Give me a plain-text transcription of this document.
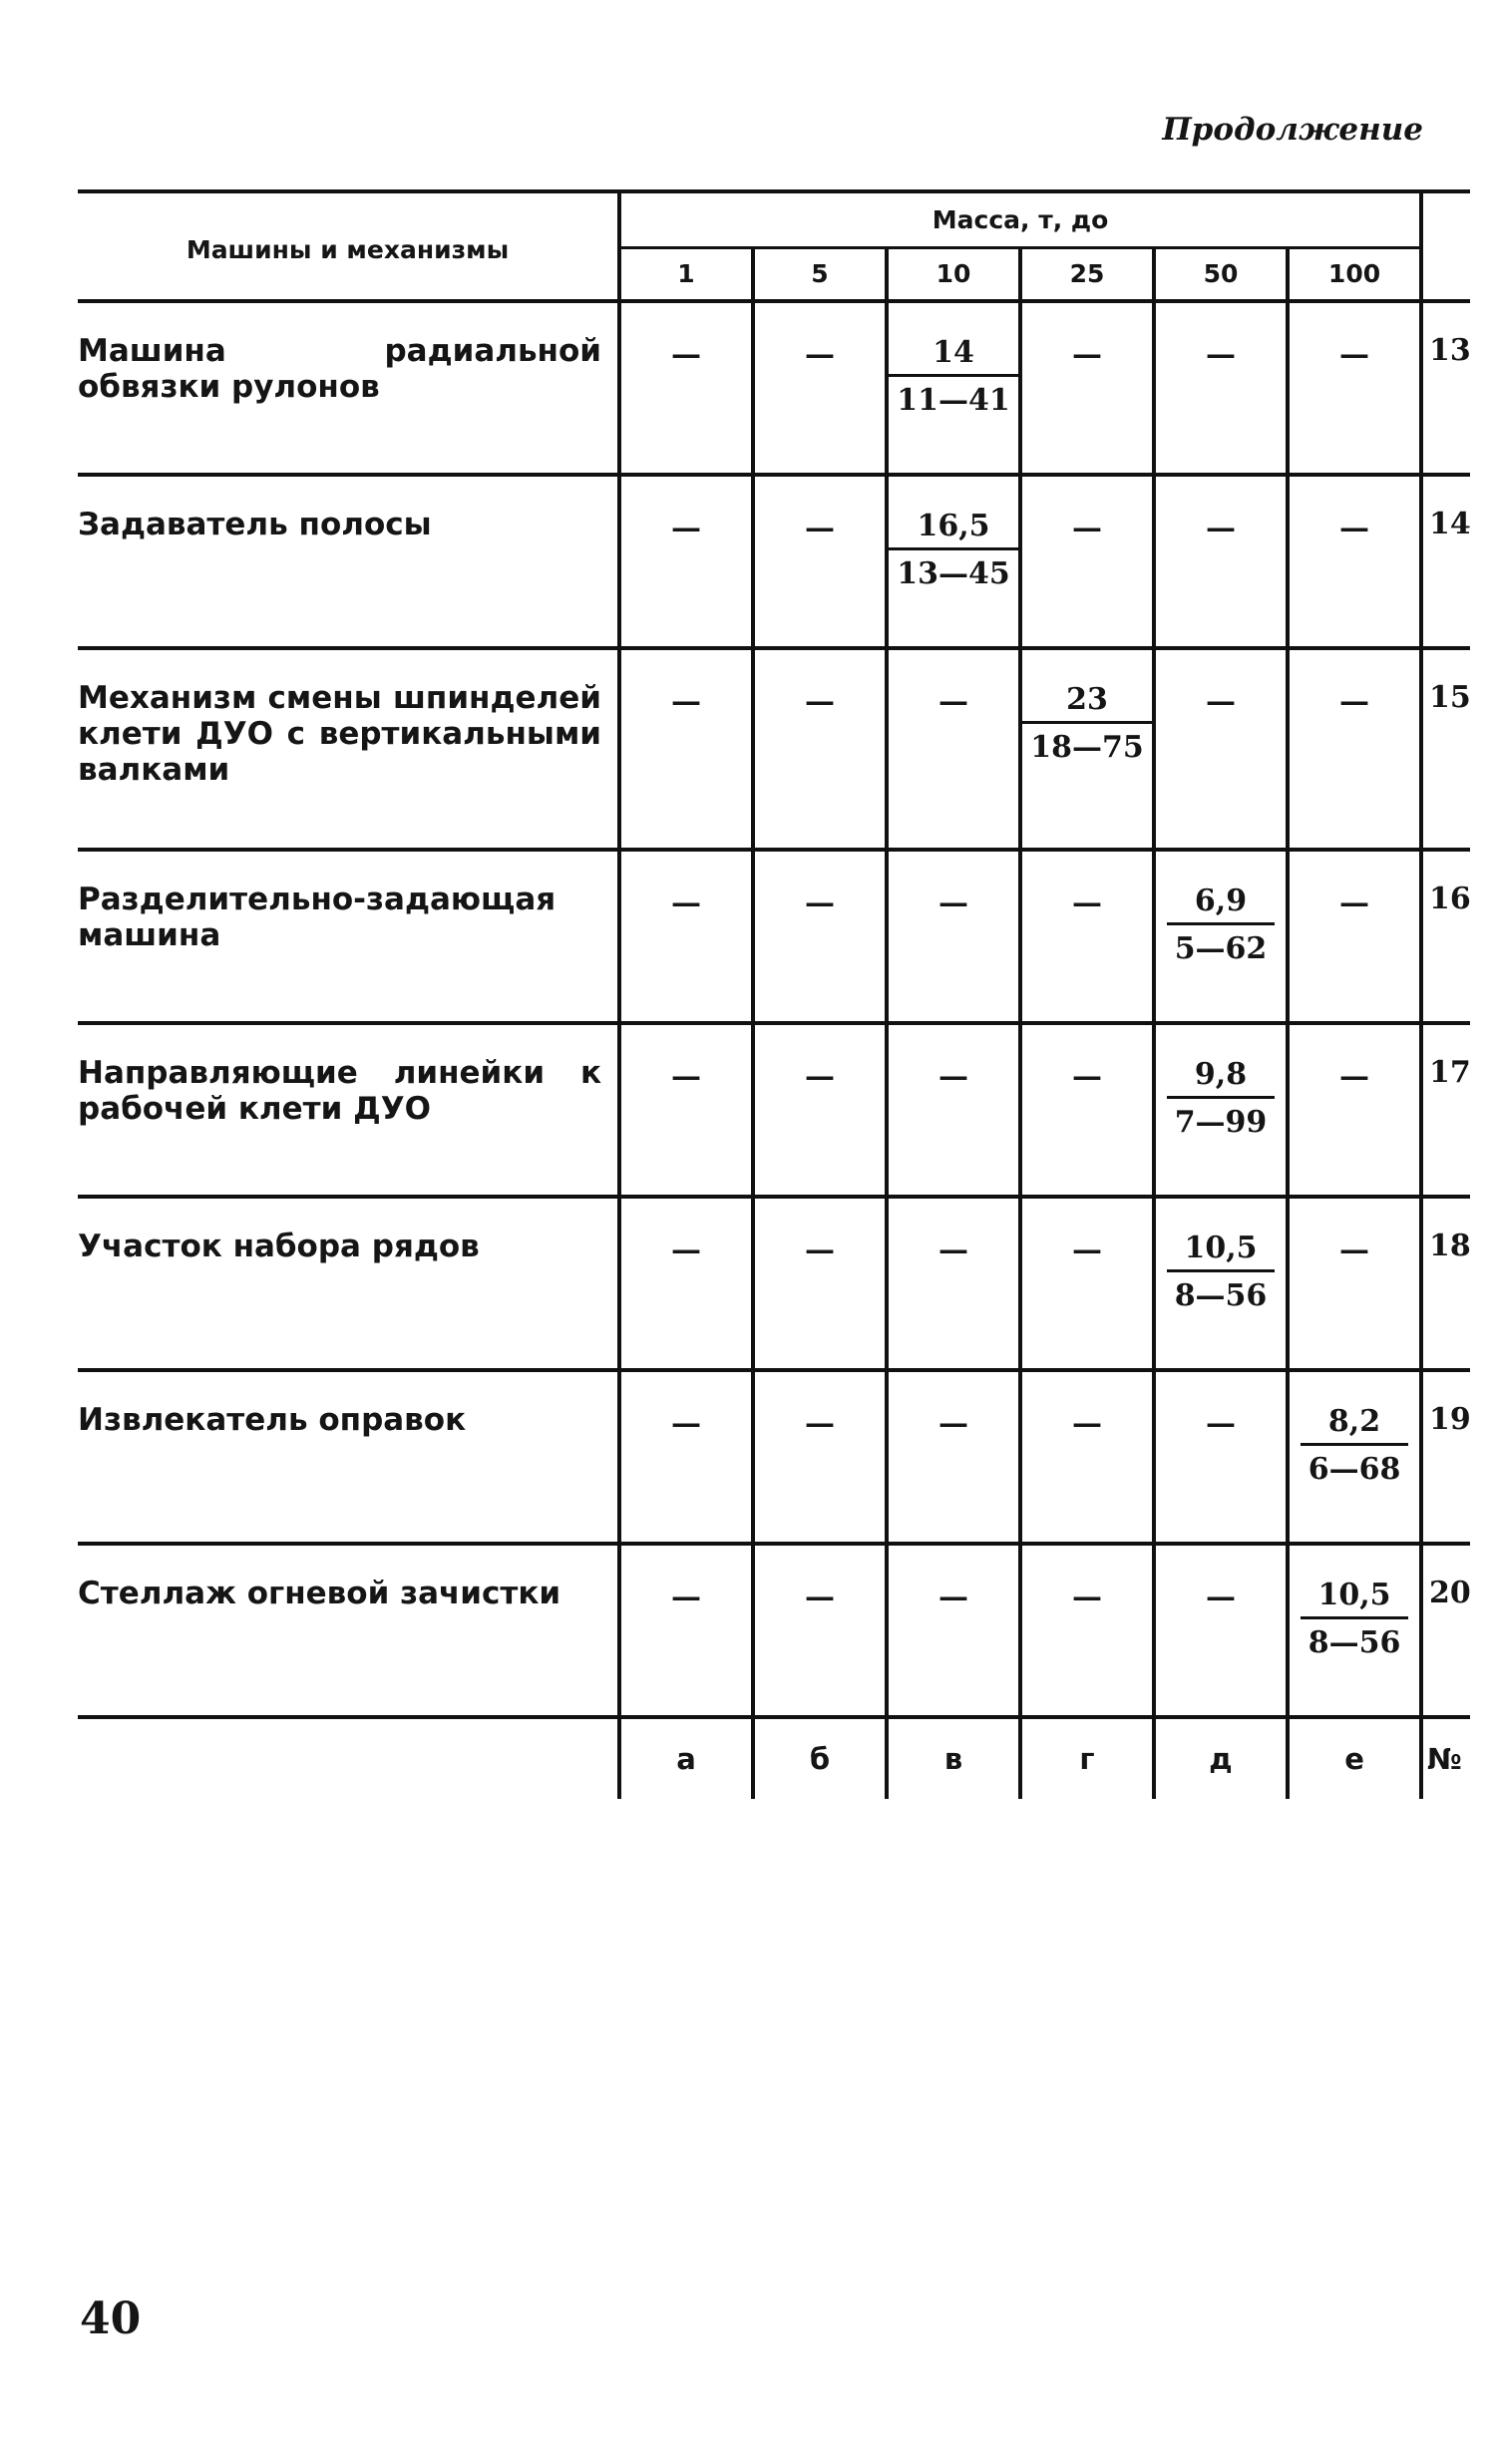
Продолжение
Машины и механизмы	Масса, т, до						
	1	5	10	25	50	100	
Машина радиальной обвязки рулонов	—	—	$\frac{14}{11—41}$	—	—	—	13
Задаватель полосы	—	—	$\frac{16,5}{13—45}$	—	—	—	14
Механизм смены шпинделей клети ДУО с вертикальными валками	—	—	—	$\frac{23}{18—75}$	—	—	15
Разделительно-задающая машина	—	—	—	—	$\frac{6,9}{5—62}$	—	16
Направляющие линейки к рабочей клети ДУО	—	—	—	—	$\frac{9,8}{7—99}$	—	17
Участок набора рядов	—	—	—	—	$\frac{10,5}{8—56}$	—	18
Извлекатель оправок	—	—	—	—	—	$\frac{8,2}{6—68}$	19
Стеллаж огневой зачистки	—	—	—	—	—	$\frac{10,5}{8—56}$	20
	а	б	в	г	д	е	№
40
